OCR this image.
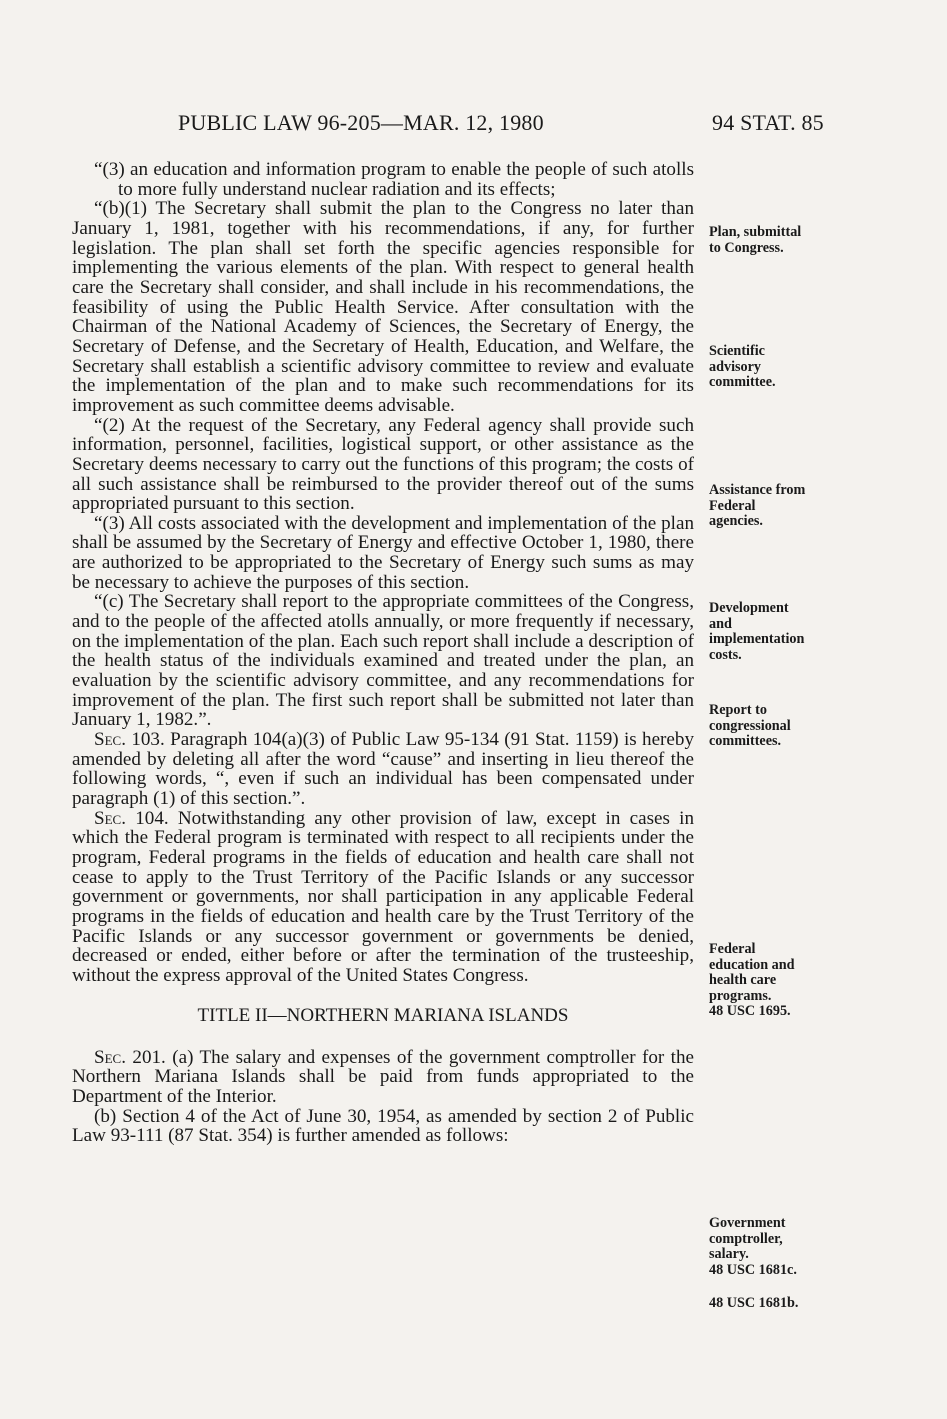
PUBLIC LAW 96-205—MAR. 12, 1980	94 STAT. 85

“(3) an education and information program to enable the people of such atolls to more fully understand nuclear radiation and its effects;

“(b)(1) The Secretary shall submit the plan to the Congress no later than January 1, 1981, together with his recommendations, if any, for further legislation. The plan shall set forth the specific agencies responsible for implementing the various elements of the plan. With respect to general health care the Secretary shall consider, and shall include in his recommendations, the feasibility of using the Public Health Service. After consultation with the Chairman of the National Academy of Sciences, the Secretary of Energy, the Secretary of Defense, and the Secretary of Health, Education, and Welfare, the Secretary shall establish a scientific advisory committee to review and evaluate the implementation of the plan and to make such recommendations for its improvement as such committee deems advisable.

“(2) At the request of the Secretary, any Federal agency shall provide such information, personnel, facilities, logistical support, or other assistance as the Secretary deems necessary to carry out the functions of this program; the costs of all such assistance shall be reimbursed to the provider thereof out of the sums appropriated pursuant to this section.

“(3) All costs associated with the development and implementation of the plan shall be assumed by the Secretary of Energy and effective October 1, 1980, there are authorized to be appropriated to the Secretary of Energy such sums as may be necessary to achieve the purposes of this section.

“(c) The Secretary shall report to the appropriate committees of the Congress, and to the people of the affected atolls annually, or more frequently if necessary, on the implementation of the plan. Each such report shall include a description of the health status of the individuals examined and treated under the plan, an evaluation by the scientific advisory committee, and any recommendations for improvement of the plan. The first such report shall be submitted not later than January 1, 1982.”.

Sec. 103. Paragraph 104(a)(3) of Public Law 95-134 (91 Stat. 1159) is hereby amended by deleting all after the word “cause” and inserting in lieu thereof the following words, “, even if such an individual has been compensated under paragraph (1) of this section.”.

Sec. 104. Notwithstanding any other provision of law, except in cases in which the Federal program is terminated with respect to all recipients under the program, Federal programs in the fields of education and health care shall not cease to apply to the Trust Territory of the Pacific Islands or any successor government or governments, nor shall participation in any applicable Federal programs in the fields of education and health care by the Trust Territory of the Pacific Islands or any successor government or governments be denied, decreased or ended, either before or after the termination of the trusteeship, without the express approval of the United States Congress.

TITLE II—NORTHERN MARIANA ISLANDS

Sec. 201. (a) The salary and expenses of the government comptroller for the Northern Mariana Islands shall be paid from funds appropriated to the Department of the Interior.

(b) Section 4 of the Act of June 30, 1954, as amended by section 2 of Public Law 93-111 (87 Stat. 354) is further amended as follows:

Plan, submittal
to Congress.
Scientific
advisory
committee.
Assistance from
Federal
agencies.
Development
and
implementation
costs.
Report to
congressional
committees.
Federal
education and
health care
programs.
48 USC 1695.
Government
comptroller,
salary.
48 USC 1681c.
48 USC 1681b.
